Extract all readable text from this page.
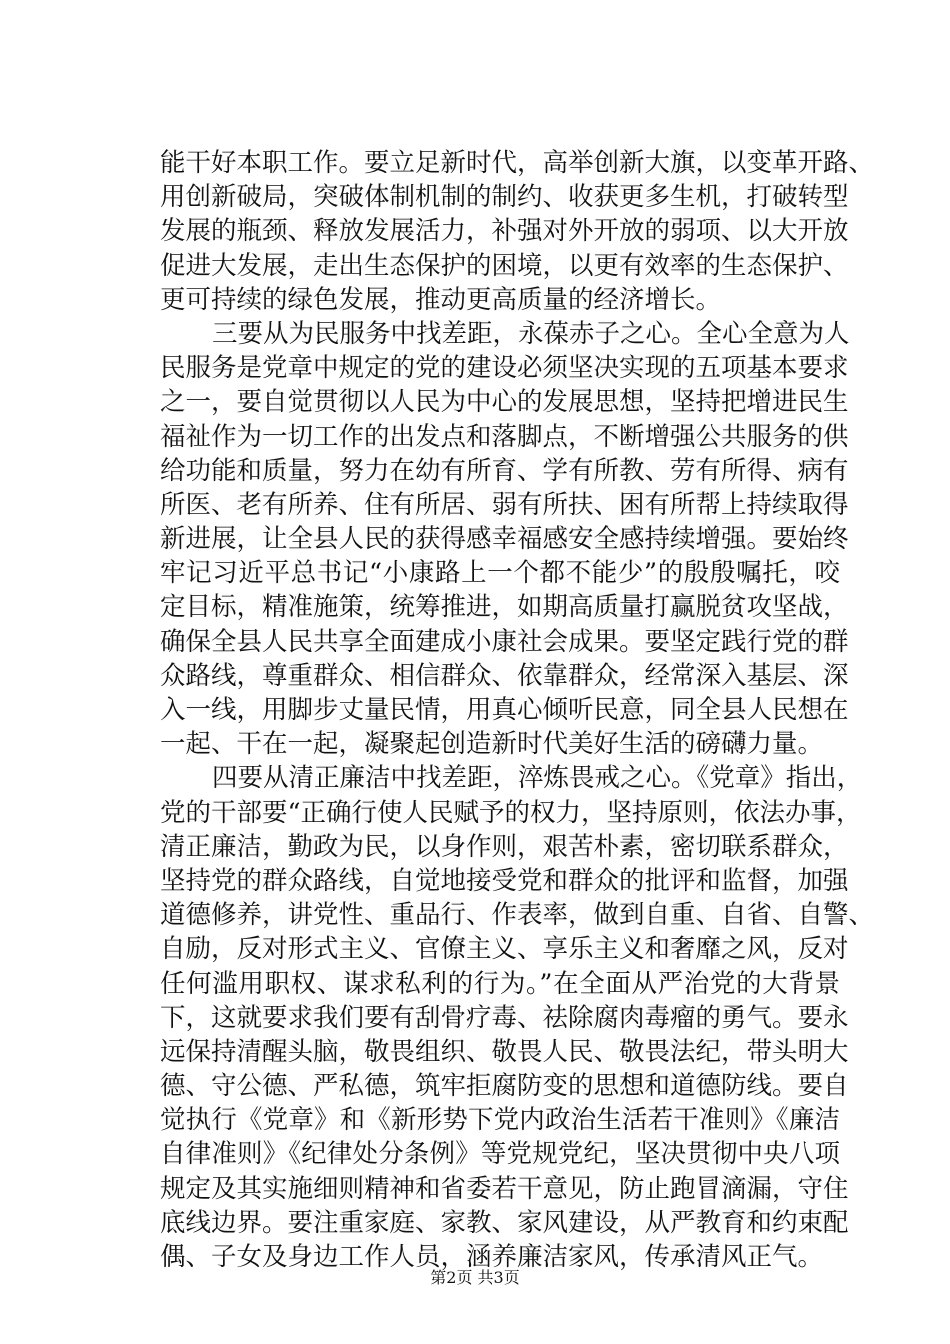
能干好本职工作。要立足新时代，高举创新大旗，以变革开路、
用创新破局，突破体制机制的制约、收获更多生机，打破转型
发展的瓶颈、释放发展活力，补强对外开放的弱项、以大开放
促进大发展，走出生态保护的困境，以更有效率的生态保护、
更可持续的绿色发展，推动更高质量的经济增长。
三要从为民服务中找差距，永葆赤子之心。全心全意为人
民服务是党章中规定的党的建设必须坚决实现的五项基本要求
之一，要自觉贯彻以人民为中心的发展思想，坚持把增进民生
福祉作为一切工作的出发点和落脚点，不断增强公共服务的供
给功能和质量，努力在幼有所育、学有所教、劳有所得、病有
所医、老有所养、住有所居、弱有所扶、困有所帮上持续取得
新进展，让全县人民的获得感幸福感安全感持续增强。要始终
牢记习近平总书记“小康路上一个都不能少”的殷殷嘱托，咬
定目标，精准施策，统筹推进，如期高质量打赢脱贫攻坚战，
确保全县人民共享全面建成小康社会成果。要坚定践行党的群
众路线，尊重群众、相信群众、依靠群众，经常深入基层、深
入一线，用脚步丈量民情，用真心倾听民意，同全县人民想在
一起、干在一起，凝聚起创造新时代美好生活的磅礴力量。
四要从清正廉洁中找差距，淬炼畏戒之心。《党章》指出，
党的干部要“正确行使人民赋予的权力，坚持原则，依法办事，
清正廉洁，勤政为民，以身作则，艰苦朴素，密切联系群众，
坚持党的群众路线，自觉地接受党和群众的批评和监督，加强
道德修养，讲党性、重品行、作表率，做到自重、自省、自警、
自励，反对形式主义、官僚主义、享乐主义和奢靡之风，反对
任何滥用职权、谋求私利的行为。”在全面从严治党的大背景
下，这就要求我们要有刮骨疗毒、祛除腐肉毒瘤的勇气。要永
远保持清醒头脑，敬畏组织、敬畏人民、敬畏法纪，带头明大
德、守公德、严私德，筑牢拒腐防变的思想和道德防线。要自
觉执行《党章》和《新形势下党内政治生活若干准则》《廉洁
自律准则》《纪律处分条例》等党规党纪，坚决贯彻中央八项
规定及其实施细则精神和省委若干意见，防止跑冒滴漏，守住
底线边界。要注重家庭、家教、家风建设，从严教育和约束配
偶、子女及身边工作人员，涵养廉洁家风，传承清风正气。
第2页 共3页
